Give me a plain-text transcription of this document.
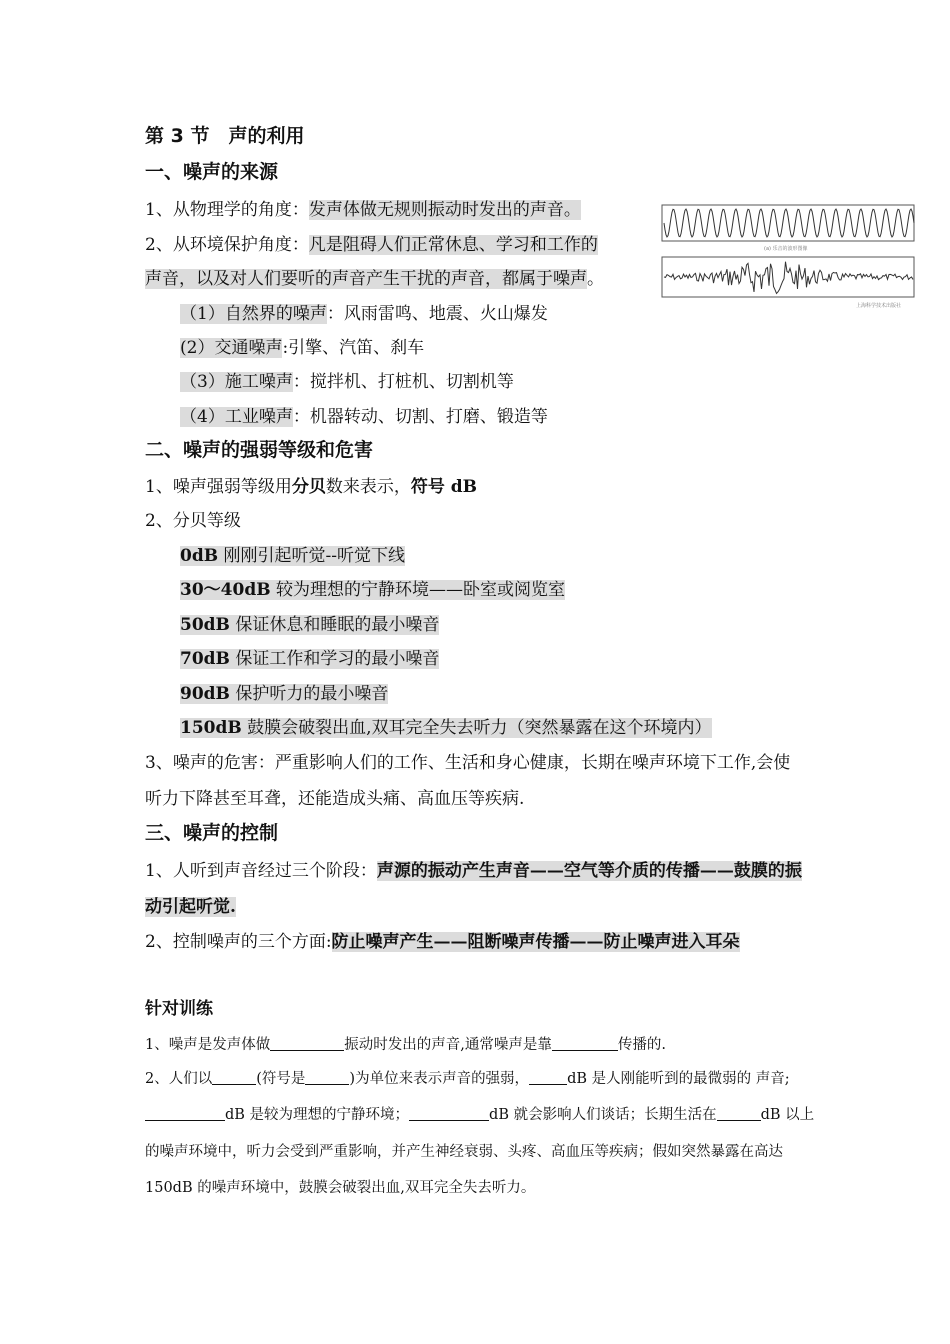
第 3 节　声的利用
一、噪声的来源
1、从物理学的角度：发声体做无规则振动时发出的声音。
2、从环境保护角度：凡是阻碍人们正常休息、学习和工作的
声音，以及对人们要听的声音产生干扰的声音，都属于噪声。
（1）自然界的噪声：风雨雷鸣、地震、火山爆发
(2）交通噪声:引擎、汽笛、刹车
（3）施工噪声：搅拌机、打桩机、切割机等
（4）工业噪声：机器转动、切割、打磨、锻造等
(a) 乐音的波形图像
上海科学技术出版社
二、噪声的强弱等级和危害
1、噪声强弱等级用分贝数来表示，符号 dB
2、分贝等级
0dB 刚刚引起听觉--听觉下线
30～40dB 较为理想的宁静环境——卧室或阅览室
50dB 保证休息和睡眠的最小噪音
70dB 保证工作和学习的最小噪音
90dB 保护听力的最小噪音
150dB 鼓膜会破裂出血,双耳完全失去听力（突然暴露在这个环境内）
3、噪声的危害：严重影响人们的工作、生活和身心健康，长期在噪声环境下工作,会使
听力下降甚至耳聋，还能造成头痛、高血压等疾病.
三、噪声的控制
1、人听到声音经过三个阶段：声源的振动产生声音——空气等介质的传播——鼓膜的振
动引起听觉.
2、控制噪声的三个方面:防止噪声产生——阻断噪声传播——防止噪声进入耳朵
针对训练
1、噪声是发声体做	振动时发出的声音,通常噪声是靠	传播的.
2、人们以	(符号是	)为单位来表示声音的强弱，	dB 是人刚能听到的最微弱的 声音;
dB 是较为理想的宁静环境；	dB 就会影响人们谈话；长期生活在	dB 以上
的噪声环境中，听力会受到严重影响，并产生神经衰弱、头疼、高血压等疾病；假如突然暴露在高达
150dB 的噪声环境中，鼓膜会破裂出血,双耳完全失去听力。
